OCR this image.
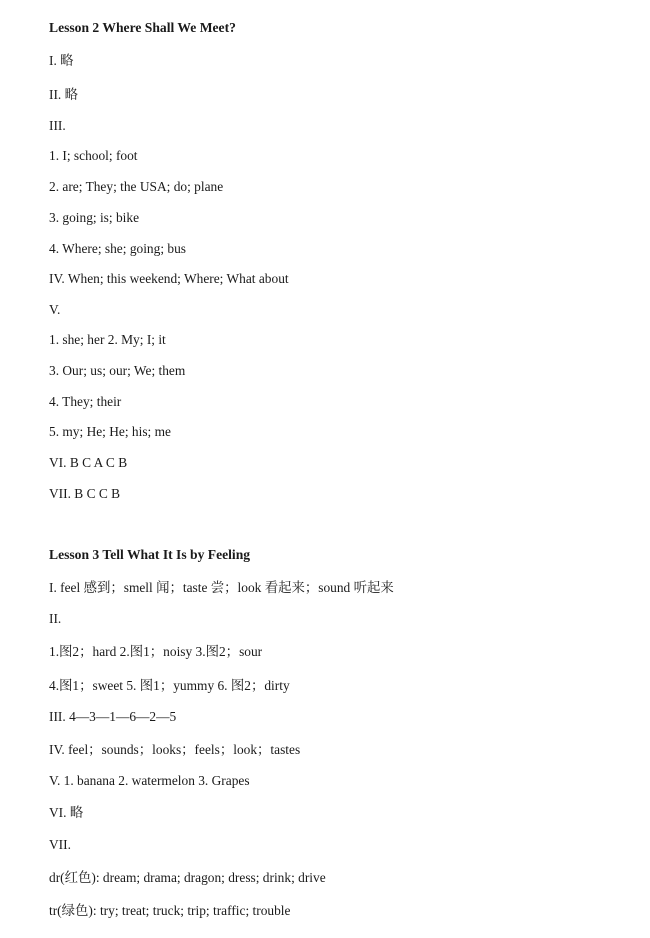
Lesson 2 Where Shall We Meet?
I. 略
II. 略
III.
1. I; school; foot
2. are; They; the USA; do; plane
3. going; is; bike
4. Where; she; going; bus
IV. When; this weekend; Where; What about
V.
1. she; her 2. My; I; it
3. Our; us; our; We; them
4. They; their
5. my; He; He; his; me
VI. B C A C B
VII. B C C B
Lesson 3 Tell What It Is by Feeling
I. feel 感到；smell 闻；taste 尝；look 看起来；sound 听起来
II.
1.图2；hard 2.图1；noisy 3.图2；sour
4.图1；sweet 5. 图1；yummy 6. 图2；dirty
III. 4—3—1—6—2—5
IV. feel；sounds；looks；feels；look；tastes
V. 1. banana 2. watermelon 3. Grapes
VI. 略
VII.
dr(红色): dream; drama; dragon; dress; drink; drive
tr(绿色): try; treat; truck; trip; traffic; trouble
